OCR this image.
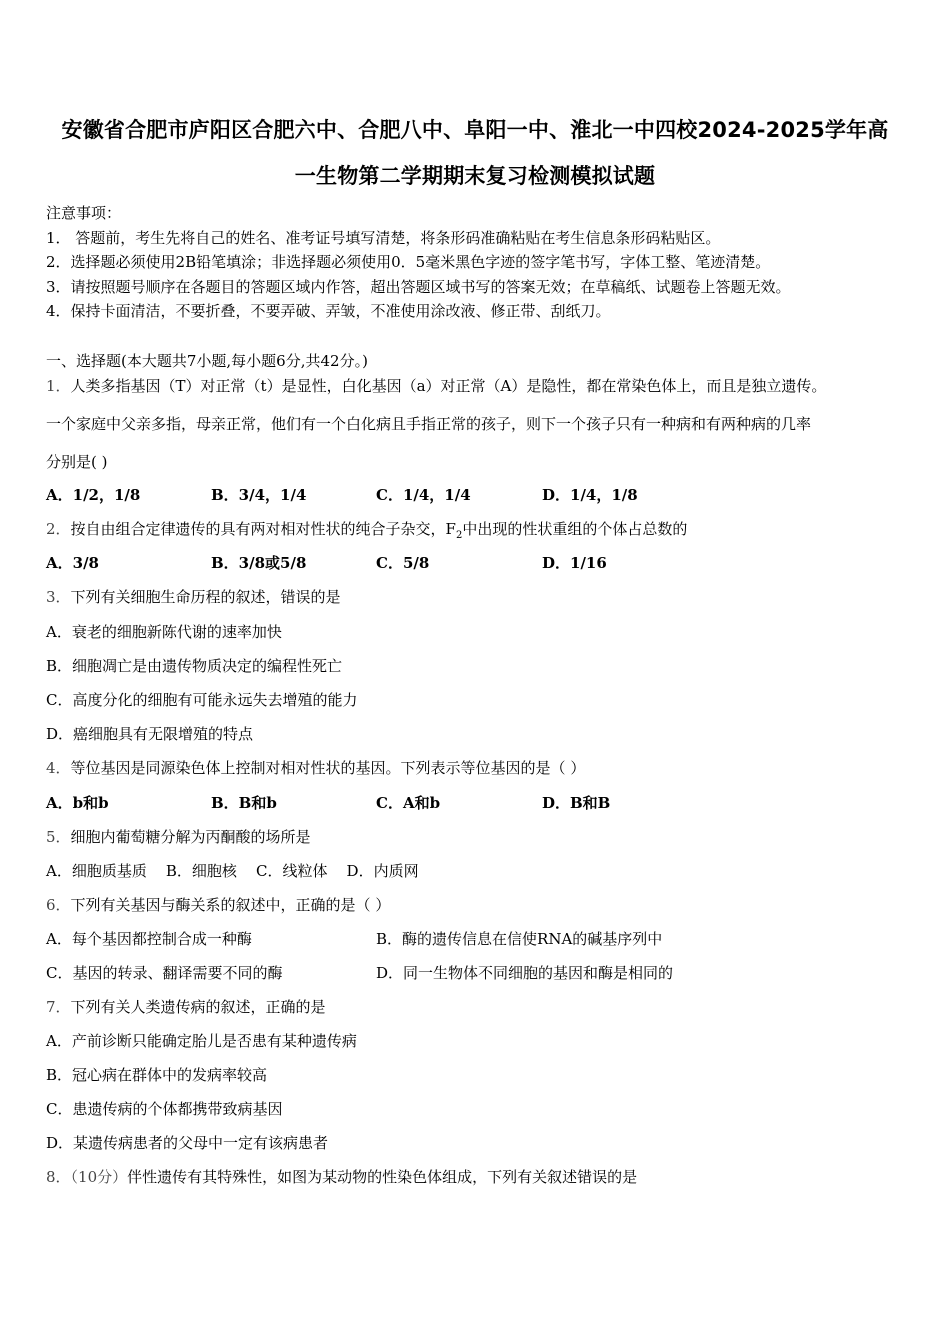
安徽省合肥市庐阳区合肥六中、合肥八中、阜阳一中、淮北一中四校2024-2025学年高
一生物第二学期期末复习检测模拟试题
注意事项：
1． 答题前，考生先将自己的姓名、准考证号填写清楚，将条形码准确粘贴在考生信息条形码粘贴区。
2．选择题必须使用2B铅笔填涂；非选择题必须使用0．5毫米黑色字迹的签字笔书写，字体工整、笔迹清楚。
3．请按照题号顺序在各题目的答题区域内作答，超出答题区域书写的答案无效；在草稿纸、试题卷上答题无效。
4．保持卡面清洁，不要折叠，不要弄破、弄皱，不准使用涂改液、修正带、刮纸刀。
一、选择题(本大题共7小题,每小题6分,共42分。)
1．人类多指基因（T）对正常（t）是显性，白化基因（a）对正常（A）是隐性，都在常染色体上，而且是独立遗传。
一个家庭中父亲多指，母亲正常，他们有一个白化病且手指正常的孩子，则下一个孩子只有一种病和有两种病的几率
分别是( )
A．1/2，1/8	B．3/4，1/4	C．1/4，1/4	D．1/4，1/8
2．按自由组合定律遗传的具有两对相对性状的纯合子杂交，$F_2$中出现的性状重组的个体占总数的
A．3/8	B．3/8或5/8	C．5/8	D．1/16
3．下列有关细胞生命历程的叙述，错误的是
A．衰老的细胞新陈代谢的速率加快
B．细胞凋亡是由遗传物质决定的编程性死亡
C．高度分化的细胞有可能永远失去增殖的能力
D．癌细胞具有无限增殖的特点
4．等位基因是同源染色体上控制对相对性状的基因。下列表示等位基因的是（ ）
A．b和b	B．B和b	C．A和b	D．B和B
5．细胞内葡萄糖分解为丙酮酸的场所是
A．细胞质基质    B．细胞核    C．线粒体    D．内质网
6．下列有关基因与酶关系的叙述中，正确的是（ ）
A．每个基因都控制合成一种酶	B．酶的遗传信息在信使RNA的碱基序列中
C．基因的转录、翻译需要不同的酶	D．同一生物体不同细胞的基因和酶是相同的
7．下列有关人类遗传病的叙述，正确的是
A．产前诊断只能确定胎儿是否患有某种遗传病
B．冠心病在群体中的发病率较高
C．患遗传病的个体都携带致病基因
D．某遗传病患者的父母中一定有该病患者
8．（10分）伴性遗传有其特殊性，如图为某动物的性染色体组成，下列有关叙述错误的是
